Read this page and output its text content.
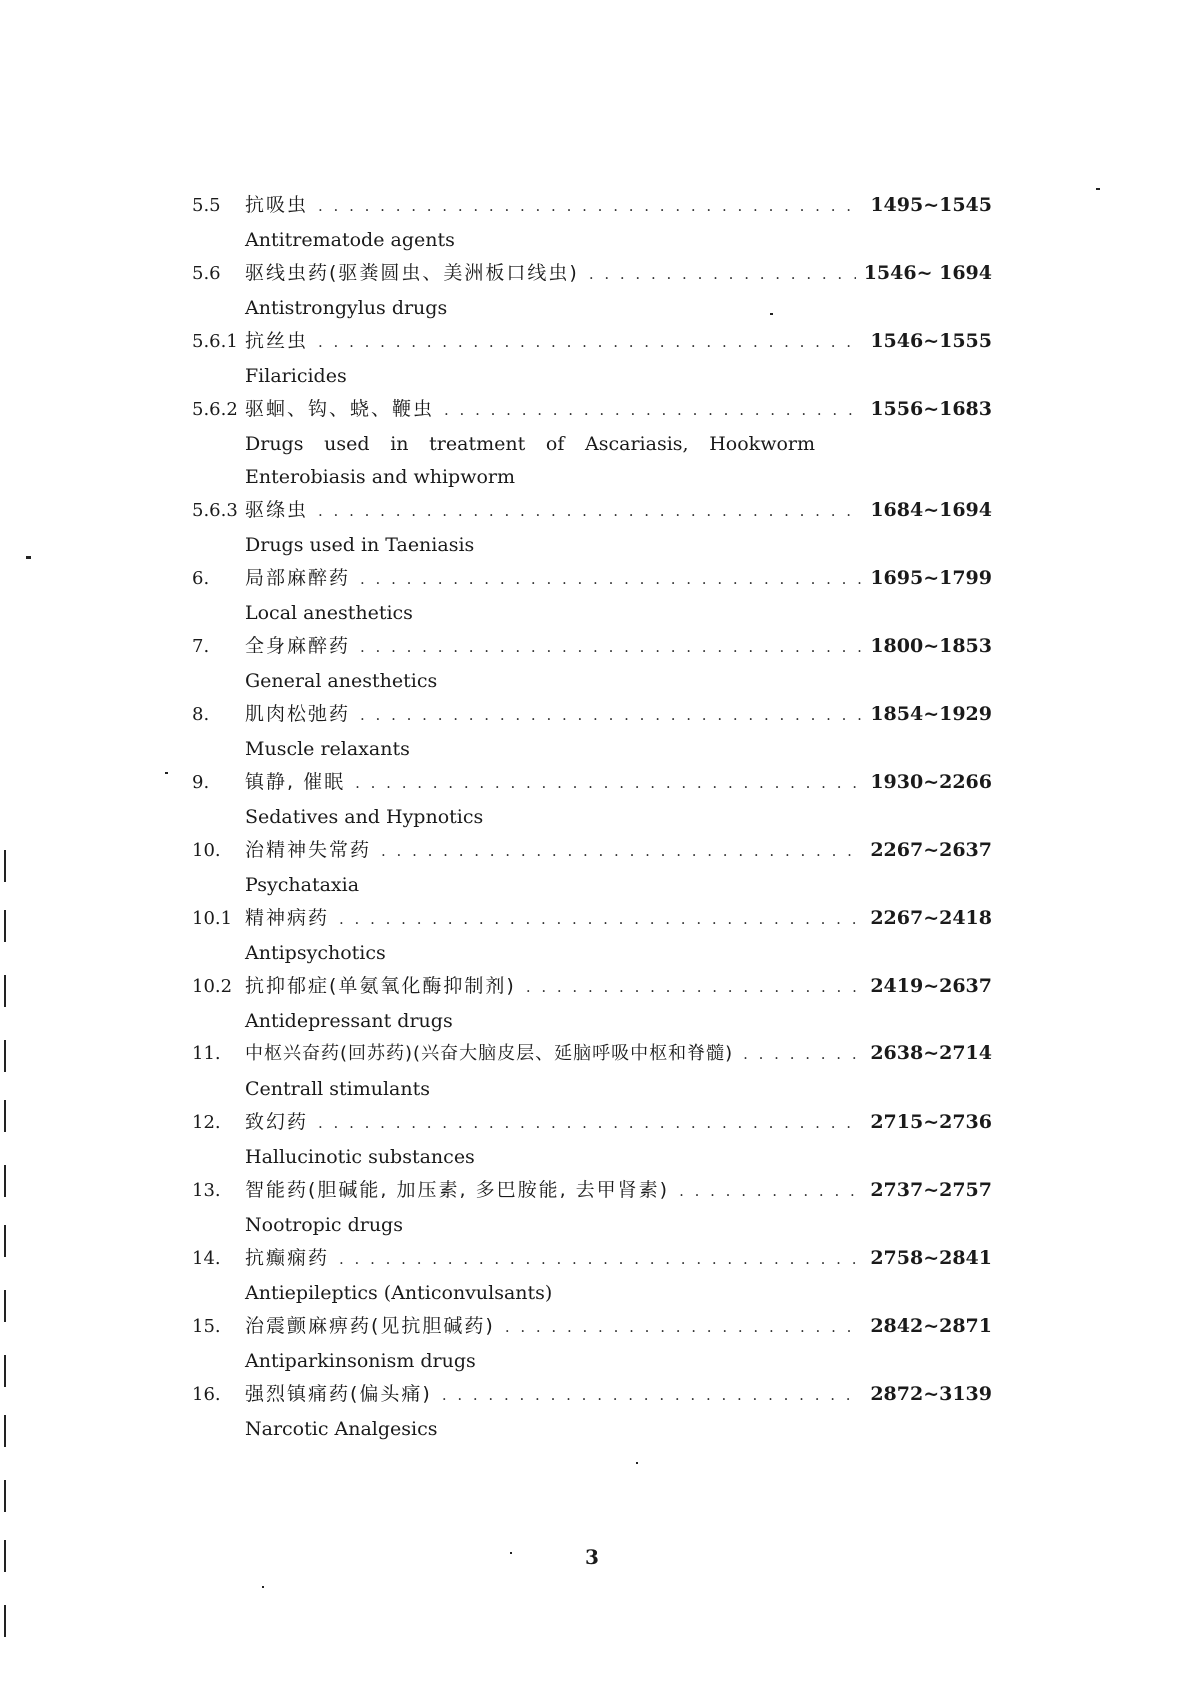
5.5	抗吸虫 . . .	1495~1545
Antitrematode agents
5.6	驱线虫药(驱粪圆虫、美洲板口线虫) . . .	1546~ 1694
Antistrongylus drugs
5.6.1 抗丝虫 . . .	1546~1555
Filaricides
5.6.2 驱蛔、钩、蛲、鞭虫 . . .	1556~1683
Drugs used in treatment of Ascariasis, Hookworm Enterobiasis and whipworm
5.6.3 驱绦虫 . . .	1684~1694
Drugs used in Taeniasis
6.	局部麻醉药 . . .	1695~1799
Local anesthetics
7.	全身麻醉药 . . .	1800~1853
General anesthetics
8.	肌肉松弛药 . . .	1854~1929
Muscle relaxants
9.	镇静, 催眠 . . .	1930~2266
Sedatives and Hypnotics
10.	治精神失常药 . . .	2267~2637
Psychataxia
10.1 精神病药 . . .	2267~2418
Antipsychotics
10.2 抗抑郁症(单氨氧化酶抑制剂) . . .	2419~2637
Antidepressant drugs
11.	中枢兴奋药(回苏药)(兴奋大脑皮层、延脑呼吸中枢和脊髓) . . .	2638~2714
Centrall stimulants
12.	致幻药 . . .	2715~2736
Hallucinotic substances
13.	智能药(胆碱能, 加压素, 多巴胺能, 去甲肾素) . . .	2737~2757
Nootropic drugs
14.	抗癫痫药 . . .	2758~2841
Antiepileptics (Anticonvulsants)
15.	治震颤麻痹药(见抗胆碱药) . . .	2842~2871
Antiparkinsonism drugs
16.	强烈镇痛药(偏头痛) . . .	2872~3139
Narcotic Analgesics
3
